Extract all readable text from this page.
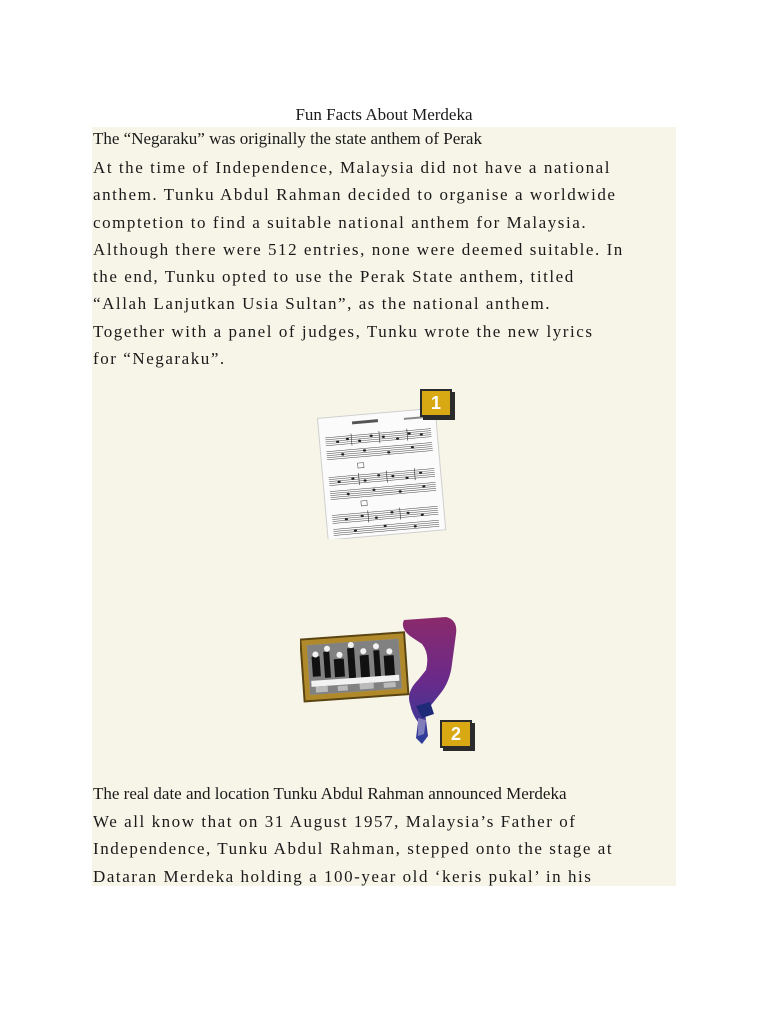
Fun Facts About Merdeka
The “Negaraku” was originally the state anthem of Perak

At the time of Independence, Malaysia did not have a national
anthem. Tunku Abdul Rahman decided to organise a worldwide
comptetion to find a suitable national anthem for Malaysia.
Although there were 512 entries, none were deemed suitable. In
the end, Tunku opted to use the Perak State anthem, titled
“Allah Lanjutkan Usia Sultan”, as the national anthem.
Together with a panel of judges, Tunku wrote the new lyrics
for “Negaraku”.

1
2
The real date and location Tunku Abdul Rahman announced Merdeka

We all know that on 31 August 1957, Malaysia’s Father of
Independence, Tunku Abdul Rahman, stepped onto the stage at
Dataran Merdeka holding a 100-year old ‘keris pukal’ in his
